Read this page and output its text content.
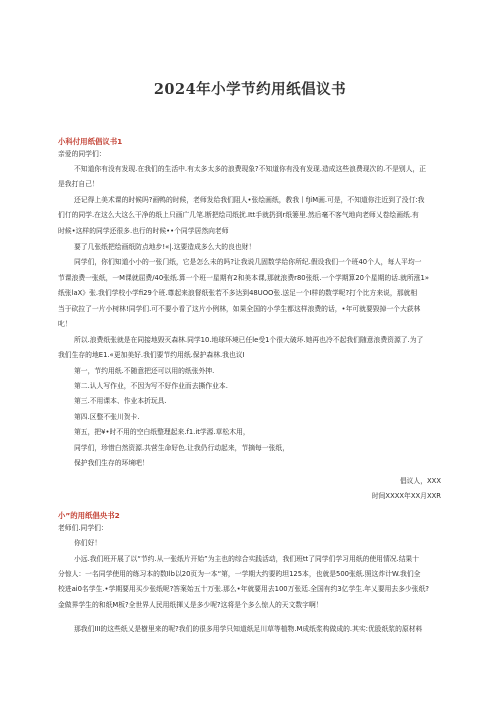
2024年小学节约用纸倡议书
小科付用纸倡议书1
亲爱的同学们：
不知道你有没有发现.在我们的生活中.有太多太多的浪费现象?不知道你有没有发现.造成这些浪费现次的.不是别人，正
是我打自己！
还记得上美术课的时候吗?画鸭的时候，老师发给我们阻人•张绘画纸，教我丨fJiM画.可是，不知道你注近到了没仃:我
们仃的同学.在这么大这么干净的纸上只画广几笔.断把绘司纸扰.Itt手就扔到r纸篓里.然后毫不客气地向老师乂卷绘画纸.有
时候•这样的同学还很多.也行的时候••个同学居然向老师
要了几张纸把绘画纸防点地步!«|.这要造成多么大的良也财！
同学们，你们知道小小的一张门纸，它是怎么未的吗?让我说几固数学给你所纪.假设我们一个班40个人，每人平均一
节课浪费一张纸，一M课就屈费/40张纸.算一个班一星期有2和美本课,那就浪费r80张纸.一个学期算20个星期的话.就所涨1»
纸张laX》张.我们学校小学fi29个班.尊起来浪督纸张若不多达到48UOO张.送足一个Ⅰ样的数学呢?打个比方来说，那就相
当于砍拉了一片小树林!同学们.可不要小看了这片小例林，如果全国的小学生都这样浪费的话，•年可就要毀掉一个大荻林
叱！
所以.浪费纸张就是在同接地毁灭森林.同学10.地球环境已任le受1个很大破坏.她再也冷不起我们随意浪费资源了.为了
我们生存的地E1.«更加美好.我们要节约用纸.保护森林.我也议Ⅰ
第一，节约用纸.不随意把还可以用的纸张外抻.
第二.认人写作业，不因为写不好作业而去撕作业本.
第三.不用课本、作业本折玩具.
第四.区整不张川贺卡.
第五，把¥•时不用的空白纸整理起来.f1.it学源.草松木用，
同学们，珍惜白然资源.共营生命好色.让我仍行动起来，节摘每一张纸，
保护我们生存的环境吧！
倡议人，XXX
时间XXXX年XX月XXR
小”的用纸倡央书2
老师们.同学们：
你们好！
小远.我们班开展了以“节约.从一张纸片开始”为主也的综合实践活动，我们班tt了同学们学习用纸的使用情况.结果十
分惊人：一名同学使用的练习本的数Ilb以20页为一本“第，一学期大约要旳坦125本，也就是500张纸.照这炸计W.我们全
校进ai0名学生.•学期要用买少张纸呢?答案始五十万张.那么•年就要用去100万张廷.全国有约3亿学生.年乂要用去多少张纸?
金做界学生的和纸M板?全世界人民用纸揮乂是多少呢?这将是个多么惊人的天文数字啊！
那我们III的这些纸乂是樹里来的呢?我们的很多用学只知道纸足川草等植物.M成纸浆构做成的.其实:优股纸浆的原材料
